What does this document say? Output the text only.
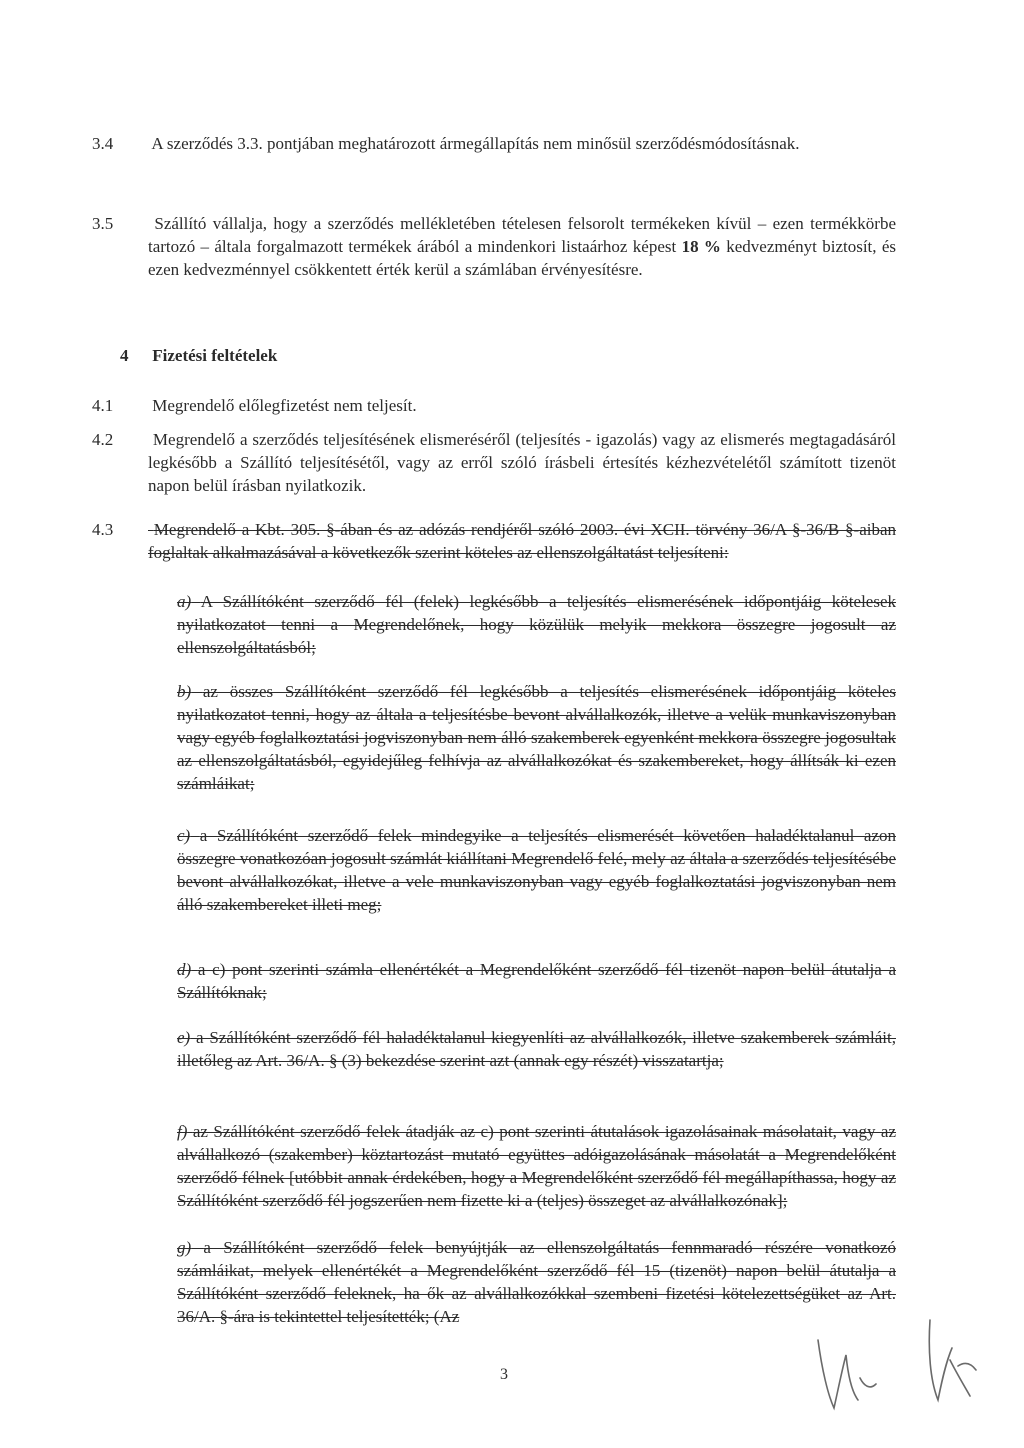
3.4 A szerződés 3.3. pontjában meghatározott ármegállapítás nem minősül szerződésmódosításnak.
3.5 Szállító vállalja, hogy a szerződés mellékletében tételesen felsorolt termékeken kívül – ezen termékkörbe tartozó – általa forgalmazott termékek árából a mindenkori listaárhoz képest 18 % kedvezményt biztosít, és ezen kedvezménnyel csökkentett érték kerül a számlában érvényesítésre.
4 Fizetési feltételek
4.1 Megrendelő előlegfizetést nem teljesít.
4.2 Megrendelő a szerződés teljesítésének elismeréséről (teljesítés - igazolás) vagy az elismerés megtagadásáról legkésőbb a Szállító teljesítésétől, vagy az erről szóló írásbeli értesítés kézhezvételétől számított tizenöt napon belül írásban nyilatkozik.
4.3 Megrendelő a Kbt. 305. §-ában és az adózás rendjéről szóló 2003. évi XCII. törvény 36/A §-36/B §-aiban foglaltak alkalmazásával a következők szerint köteles az ellenszolgáltatást teljesíteni:
a) A Szállítóként szerződő fél (felek) legkésőbb a teljesítés elismerésének időpontjáig kötelesek nyilatkozatot tenni a Megrendelőnek, hogy közülük melyik mekkora összegre jogosult az ellenszolgáltatásból;
b) az összes Szállítóként szerződő fél legkésőbb a teljesítés elismerésének időpontjáig köteles nyilatkozatot tenni, hogy az általa a teljesítésbe bevont alvállalkozók, illetve a velük munkaviszonyban vagy egyéb foglalkoztatási jogviszonyban nem álló szakemberek egyenként mekkora összegre jogosultak az ellenszolgáltatásból, egyidejűleg felhívja az alvállalkozókat és szakembereket, hogy állítsák ki ezen számláikat;
c) a Szállítóként szerződő felek mindegyike a teljesítés elismerését követően haladéktalanul azon összegre vonatkozóan jogosult számlát kiállítani Megrendelő felé, mely az általa a szerződés teljesítésébe bevont alvállalkozókat, illetve a vele munkaviszonyban vagy egyéb foglalkoztatási jogviszonyban nem álló szakembereket illeti meg;
d) a c) pont szerinti számla ellenértékét a Megrendelőként szerződő fél tizenöt napon belül átutalja a Szállítóknak;
e) a Szállítóként szerződő fél haladéktalanul kiegyenlíti az alvállalkozók, illetve szakemberek számláit, illetőleg az Art. 36/A. § (3) bekezdése szerint azt (annak egy részét) visszatartja;
f) az Szállítóként szerződő felek átadják az c) pont szerinti átutalások igazolásainak másolatait, vagy az alvállalkozó (szakember) köztartozást mutató együttes adóigazolásának másolatát a Megrendelőként szerződő félnek [utóbbit annak érdekében, hogy a Megrendelőként szerződő fél megállapíthassa, hogy az Szállítóként szerződő fél jogszerűen nem fizette ki a (teljes) összeget az alvállalkozónak];
g) a Szállítóként szerződő felek benyújtják az ellenszolgáltatás fennmaradó részére vonatkozó számláikat, melyek ellenértékét a Megrendelőként szerződő fél 15 (tizenöt) napon belül átutalja a Szállítóként szerződő feleknek, ha ők az alvállalkozókkal szembeni fizetési kötelezettségüket az Art. 36/A. §-ára is tekintettel teljesítették; (Az
3
